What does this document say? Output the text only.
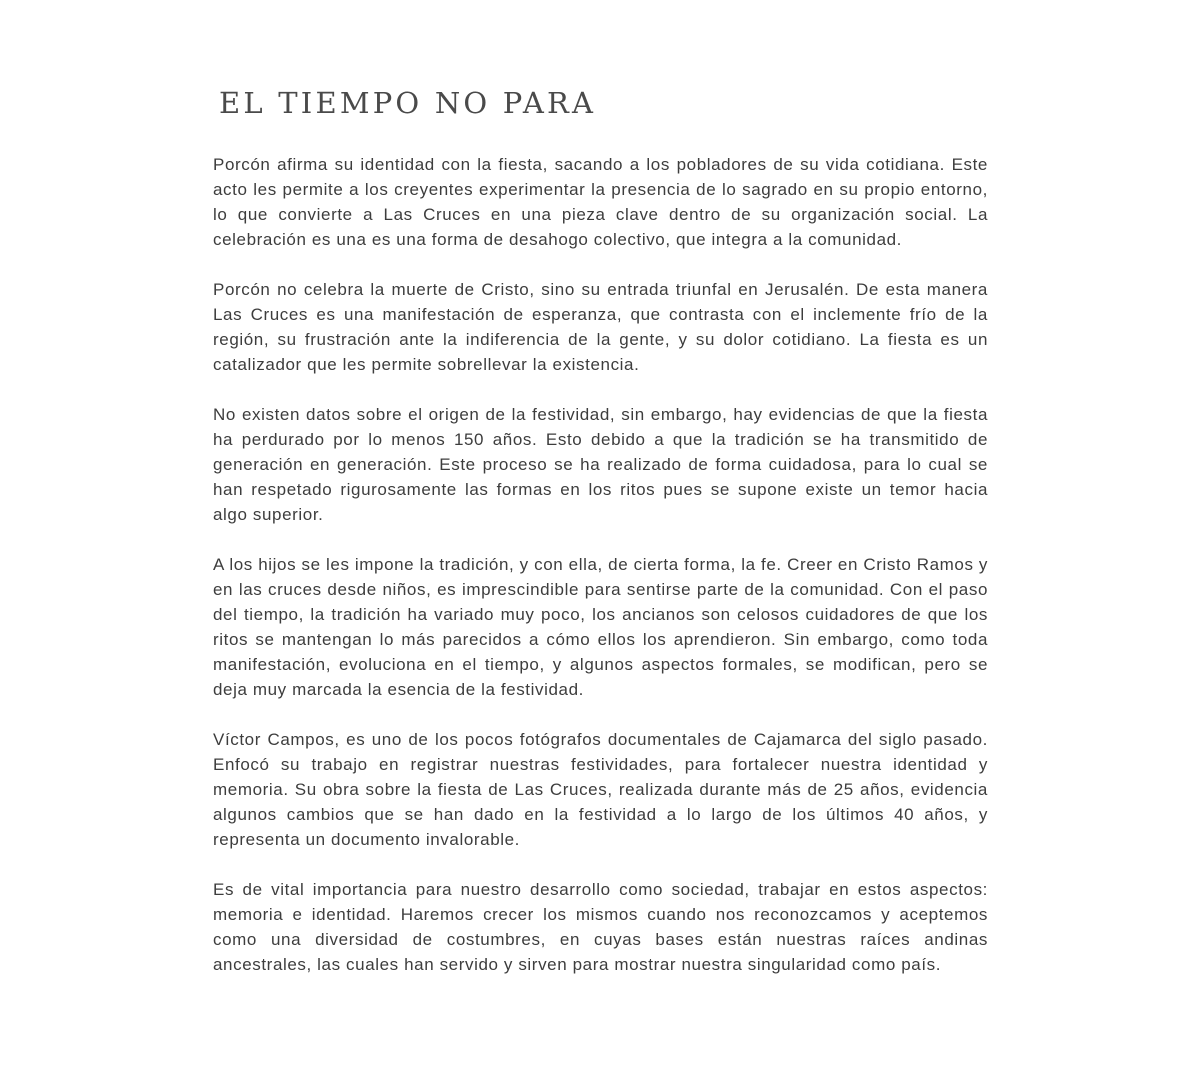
EL TIEMPO NO PARA

Porcón afirma su identidad con la fiesta, sacando a los pobladores de su vida cotidiana. Este acto les permite a los creyentes experimentar la presencia de lo sagrado en su propio entorno, lo que convierte a Las Cruces en una pieza clave dentro de su organización social. La celebración es una es una forma de desahogo colectivo, que integra a la comunidad.

Porcón no celebra la muerte de Cristo, sino su entrada triunfal en Jerusalén. De esta manera Las Cruces es una manifestación de esperanza, que contrasta con el inclemente frío de la región, su frustración ante la indiferencia de la gente, y su dolor cotidiano. La fiesta es un catalizador que les permite sobrellevar la existencia.

No existen datos sobre el origen de la festividad, sin embargo, hay evidencias de que la fiesta ha perdurado por lo menos 150 años. Esto debido a que la tradición se ha transmitido de generación en generación. Este proceso se ha realizado de forma cuidadosa, para lo cual se han respetado rigurosamente las formas en los ritos pues se supone existe un temor hacia algo superior.

A los hijos se les impone la tradición, y con ella, de cierta forma, la fe. Creer en Cristo Ramos y en las cruces desde niños, es imprescindible para sentirse parte de la comunidad. Con el paso del tiempo, la tradición ha variado muy poco, los ancianos son celosos cuidadores de que los ritos se mantengan lo más parecidos a cómo ellos los aprendieron. Sin embargo, como toda manifestación, evoluciona en el tiempo, y algunos aspectos formales, se modifican, pero se deja muy marcada la esencia de la festividad.

Víctor Campos, es uno de los pocos fotógrafos documentales de Cajamarca del siglo pasado. Enfocó su trabajo en registrar nuestras festividades, para fortalecer nuestra identidad y memoria. Su obra sobre la fiesta de Las Cruces, realizada durante más de 25 años, evidencia algunos cambios que se han dado en la festividad a lo largo de los últimos 40 años, y representa un documento invalorable.

Es de vital importancia para nuestro desarrollo como sociedad, trabajar en estos aspectos: memoria e identidad. Haremos crecer los mismos cuando nos reconozcamos y aceptemos como una diversidad de costumbres, en cuyas bases están nuestras raíces andinas ancestrales, las cuales han servido y sirven para mostrar nuestra singularidad como país.
